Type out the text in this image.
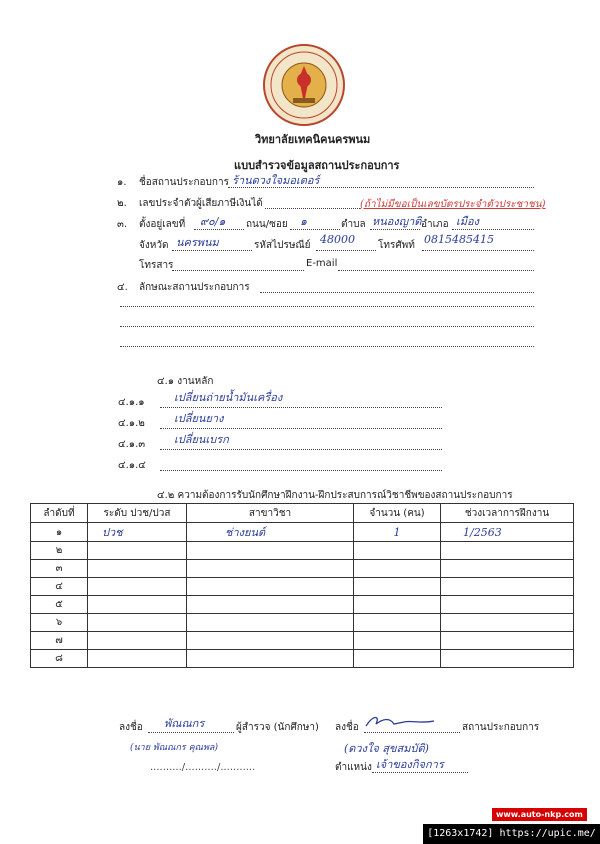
วิทยาลัยเทคนิคนครพนม
แบบสำรวจข้อมูลสถานประกอบการ
๑. ชื่อสถานประกอบการ ร้านดวงใจมอเตอร์
๒. เลขประจำตัวผู้เสียภาษีเงินได้	(ถ้าไม่มีขอเป็นเลขบัตรประจำตัวประชาชน)
๓. ตั้งอยู่เลขที่ ๙๐/๑ ถนน/ซอย ๑	ตำบล หนองญาติ อำเภอ เมือง
จังหวัด นครพนม	รหัสไปรษณีย์ 48000 โทรศัพท์ 0815485415
โทรสาร	E-mail
๔. ลักษณะสถานประกอบการ
๔.๑ งานหลัก
๔.๑.๑	เปลี่ยนถ่ายน้ำมันเครื่อง
๔.๑.๒	เปลี่ยนยาง
๔.๑.๓	เปลี่ยนเบรก
๔.๑.๔
๔.๒ ความต้องการรับนักศึกษาฝึกงาน-ฝึกประสบการณ์วิชาชีพของสถานประกอบการ
ลำดับที่	ระดับ ปวช/ปวส	สาขาวิชา	จำนวน (คน)	ช่วงเวลาการฝึกงาน
๑	ปวช	ช่างยนต์	1	1/2563
๒				
๓				
๔				
๕				
๖				
๗				
๘				
ลงชื่อ พัณณกร	ผู้สำรวจ (นักศึกษา)
(นาย พัณณกร คุณพล)
........../........../...........
ลงชื่อ	สถานประกอบการ
(ดวงใจ สุขสมบัติ)
ตำแหน่ง เจ้าของกิจการ
www.auto-nkp.com
[1263x1742] https://upic.me/
